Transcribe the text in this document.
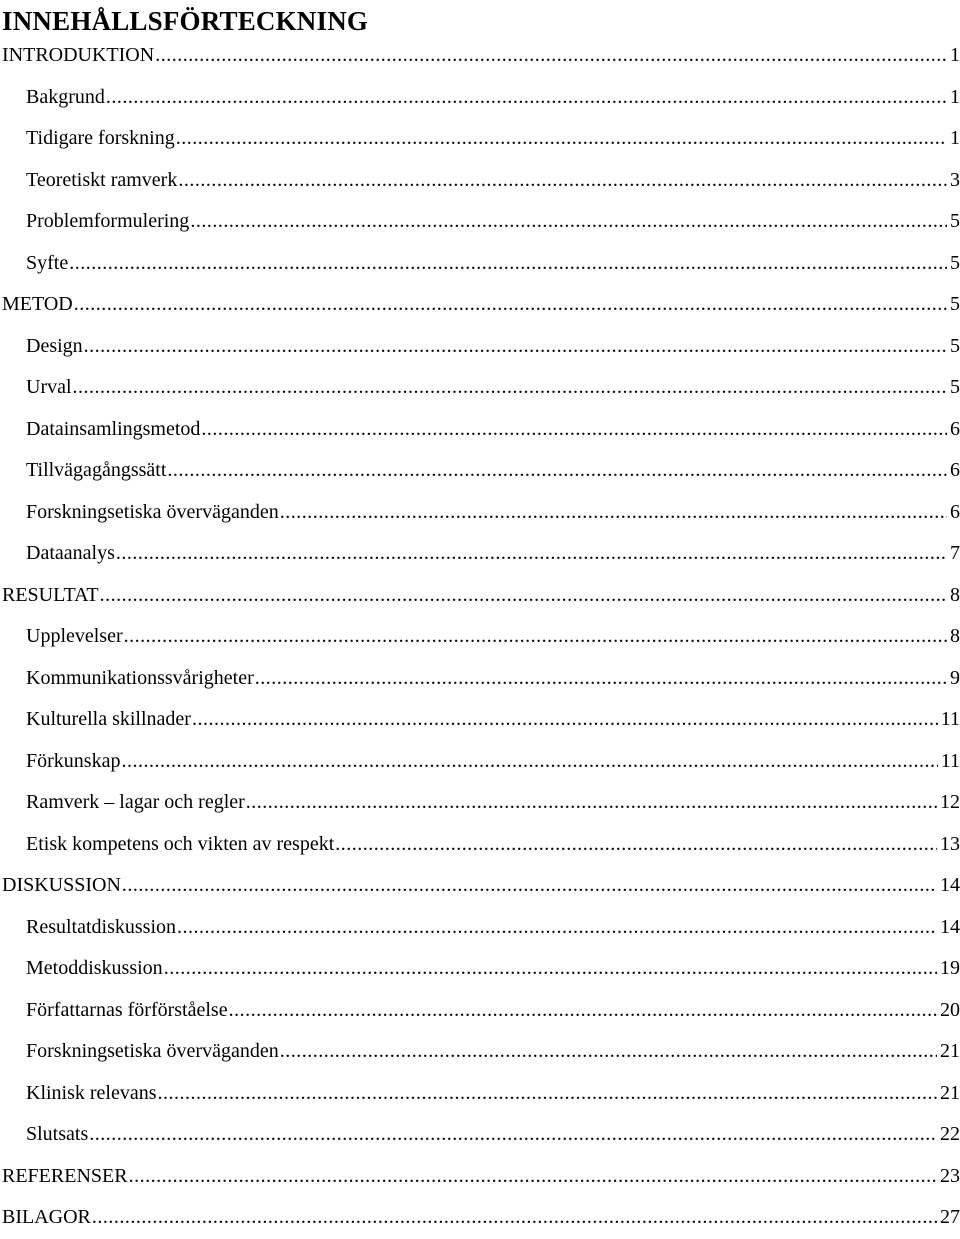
INNEHÅLLSFÖRTECKNING
INTRODUKTION .....	1
Bakgrund .....	1
Tidigare forskning .....	1
Teoretiskt ramverk .....	3
Problemformulering .....	5
Syfte .....	5
METOD .....	5
Design .....	5
Urval .....	5
Datainsamlingsmetod .....	6
Tillvägagångssätt .....	6
Forskningsetiska överväganden .....	6
Dataanalys .....	7
RESULTAT .....	8
Upplevelser .....	8
Kommunikationssvårigheter .....	9
Kulturella skillnader .....	11
Förkunskap .....	11
Ramverk – lagar och regler .....	12
Etisk kompetens och vikten av respekt .....	13
DISKUSSION .....	14
Resultatdiskussion .....	14
Metoddiskussion .....	19
Författarnas förförståelse .....	20
Forskningsetiska överväganden .....	21
Klinisk relevans .....	21
Slutsats .....	22
REFERENSER .....	23
BILAGOR .....	27
